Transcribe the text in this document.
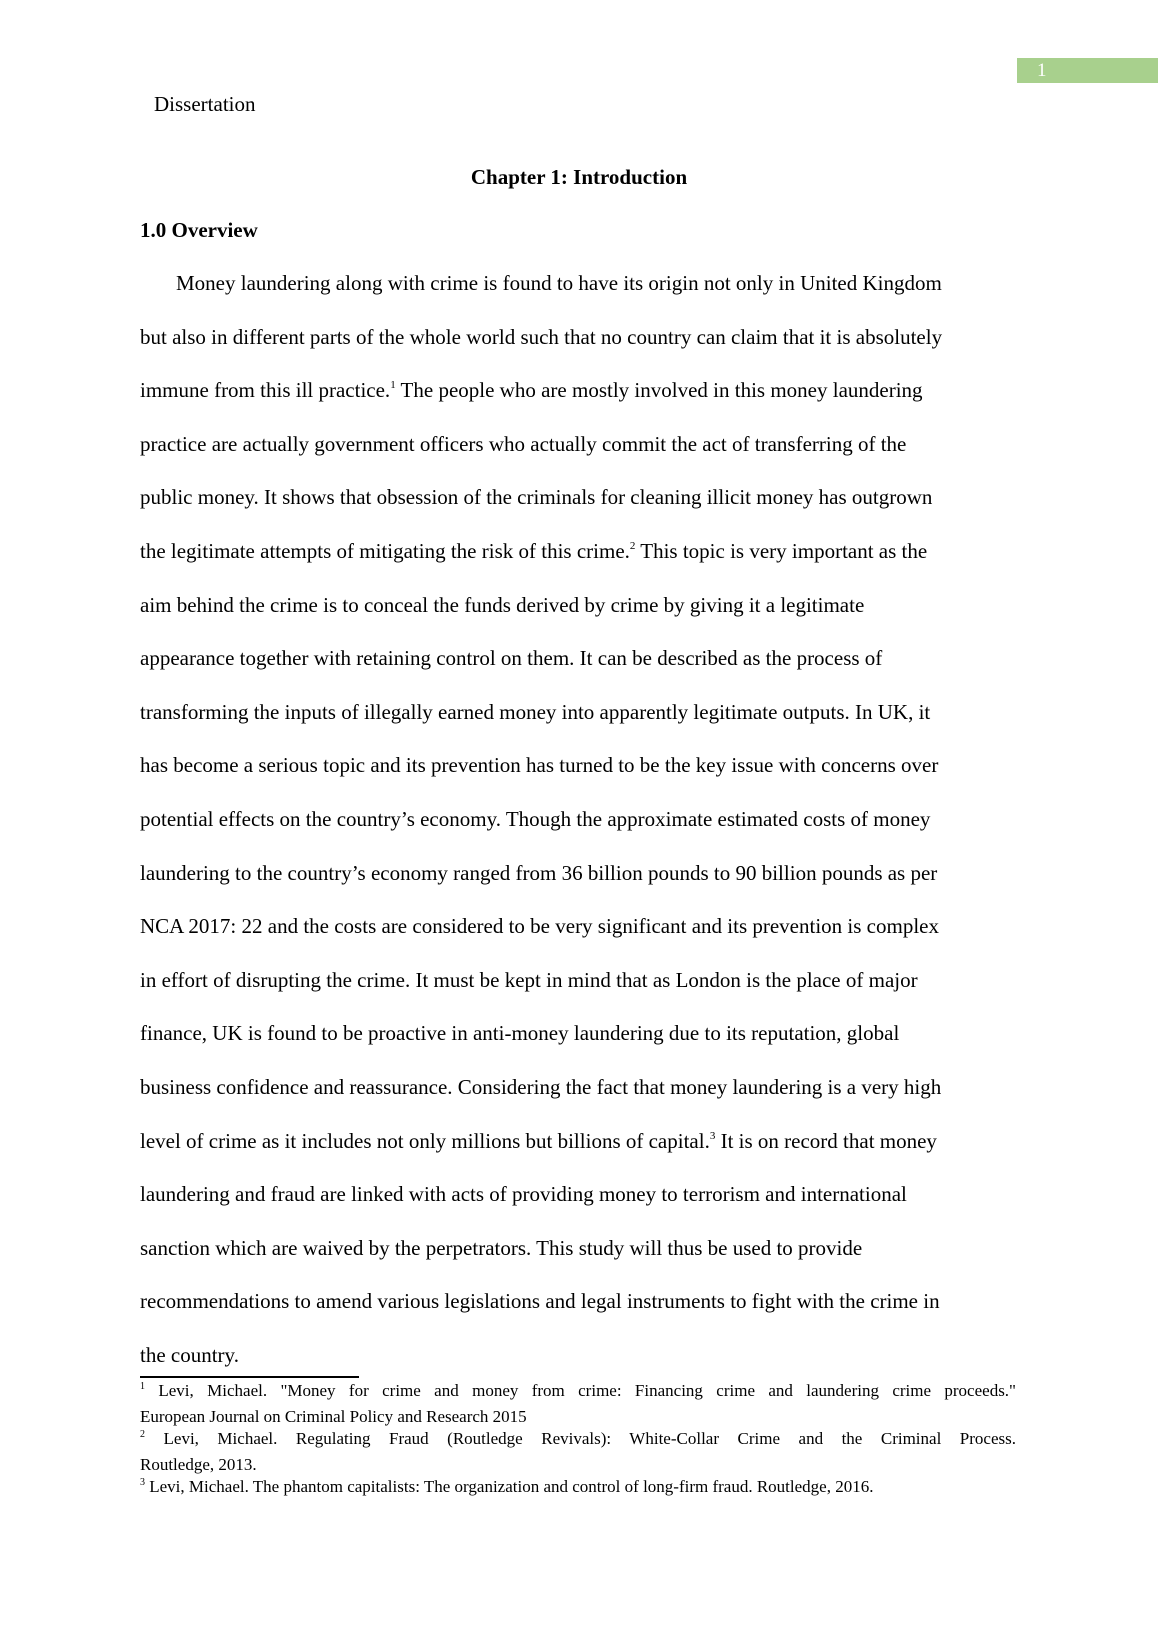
1
Dissertation
Chapter 1: Introduction
1.0 Overview
Money laundering along with crime is found to have its origin not only in United Kingdom
but also in different parts of the whole world such that no country can claim that it is absolutely
immune from this ill practice.$^1$ The people who are mostly involved in this money laundering
practice are actually government officers who actually commit the act of transferring of the
public money. It shows that obsession of the criminals for cleaning illicit money has outgrown
the legitimate attempts of mitigating the risk of this crime.$^2$ This topic is very important as the
aim behind the crime is to conceal the funds derived by crime by giving it a legitimate
appearance together with retaining control on them. It can be described as the process of
transforming the inputs of illegally earned money into apparently legitimate outputs. In UK, it
has become a serious topic and its prevention has turned to be the key issue with concerns over
potential effects on the country’s economy. Though the approximate estimated costs of money
laundering to the country’s economy ranged from 36 billion pounds to 90 billion pounds as per
NCA 2017: 22 and the costs are considered to be very significant and its prevention is complex
in effort of disrupting the crime. It must be kept in mind that as London is the place of major
finance, UK is found to be proactive in anti-money laundering due to its reputation, global
business confidence and reassurance. Considering the fact that money laundering is a very high
level of crime as it includes not only millions but billions of capital.$^3$ It is on record that money
laundering and fraud are linked with acts of providing money to terrorism and international
sanction which are waived by the perpetrators. This study will thus be used to provide
recommendations to amend various legislations and legal instruments to fight with the crime in
the country.
$^1$ Levi, Michael. "Money for crime and money from crime: Financing crime and laundering crime proceeds."
European Journal on Criminal Policy and Research 2015
$^2$ Levi, Michael. Regulating Fraud (Routledge Revivals): White-Collar Crime and the Criminal Process.
Routledge, 2013.
$^3$ Levi, Michael. The phantom capitalists: The organization and control of long-firm fraud. Routledge, 2016.
